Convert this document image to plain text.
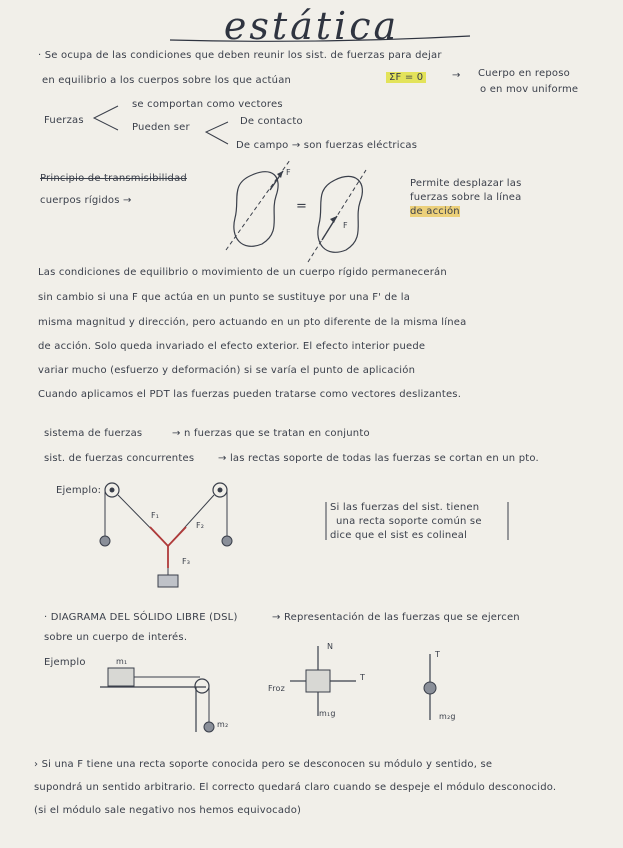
estática
· Se ocupa de las condiciones que deben reunir los sist. de fuerzas para dejar
en equilibrio a los cuerpos sobre los que actúan	ΣF = 0	→ Cuerpo en reposo
o en mov uniforme
Fuerzas
se comportan como vectores
Pueden ser
De contacto
De campo → son fuerzas eléctricas
Principio de transmisibilidad
cuerpos rígidos →	=
F
F
Permite desplazar las
fuerzas sobre la línea
de acción
Las condiciones de equilibrio o movimiento de un cuerpo rígido permanecerán
sin cambio si una F que actúa en un punto se sustituye por una F' de la
misma magnitud y dirección, pero actuando en un pto diferente de la misma línea
de acción. Solo queda invariado el efecto exterior. El efecto interior puede
variar mucho (esfuerzo y deformación) si se varía el punto de aplicación
Cuando aplicamos el PDT las fuerzas pueden tratarse como vectores deslizantes.
sistema de fuerzas	→ n fuerzas que se tratan en conjunto
sist. de fuerzas concurrentes → las rectas soporte de todas las fuerzas se cortan en un pto.
Ejemplo:
F₁
F₂
F₃
Si las fuerzas del sist. tienen
una recta soporte común se
dice que el sist es colineal
· DIAGRAMA DEL SÓLIDO LIBRE (DSL)	→ Representación de las fuerzas que se ejercen
sobre un cuerpo de interés.
Ejemplo	m₁
m₂
N
T
Froz
m₁g
T
m₂g
› Si una F tiene una recta soporte conocida pero se desconocen su módulo y sentido, se
supondrá un sentido arbitrario. El correcto quedará claro cuando se despeje el módulo desconocido.
(si el módulo sale negativo nos hemos equivocado)
